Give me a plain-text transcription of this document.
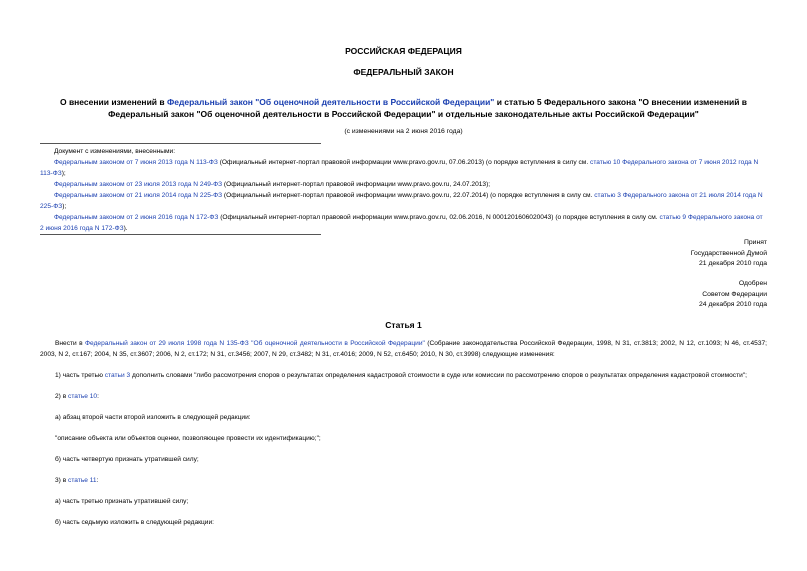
РОССИЙСКАЯ ФЕДЕРАЦИЯ
ФЕДЕРАЛЬНЫЙ ЗАКОН
О внесении изменений в Федеральный закон "Об оценочной деятельности в Российской Федерации" и статью 5 Федерального закона "О внесении изменений в Федеральный закон "Об оценочной деятельности в Российской Федерации" и отдельные законодательные акты Российской Федерации"
(с изменениями на 2 июня 2016 года)

Документ с изменениями, внесенными:

Федеральным законом от 7 июня 2013 года N 113-ФЗ (Официальный интернет-портал правовой информации www.pravo.gov.ru, 07.06.2013) (о порядке вступления в силу см. статью 10 Федерального закона от 7 июня 2012 года N 113-ФЗ);

Федеральным законом от 23 июля 2013 года N 249-ФЗ (Официальный интернет-портал правовой информации www.pravo.gov.ru, 24.07.2013);

Федеральным законом от 21 июля 2014 года N 225-ФЗ (Официальный интернет-портал правовой информации www.pravo.gov.ru, 22.07.2014) (о порядке вступления в силу см. статью 3 Федерального закона от 21 июля 2014 года N 225-ФЗ);

Федеральным законом от 2 июня 2016 года N 172-ФЗ (Официальный интернет-портал правовой информации www.pravo.gov.ru, 02.06.2016, N 0001201606020043) (о порядке вступления в силу см. статью 9 Федерального закона от 2 июня 2016 года N 172-ФЗ).

Принят
Государственной Думой
21 декабря 2010 года
Одобрен
Советом Федерации
24 декабря 2010 года
Статья 1

Внести в Федеральный закон от 29 июля 1998 года N 135-ФЗ "Об оценочной деятельности в Российской Федерации" (Собрание законодательства Российской Федерации, 1998, N 31, ст.3813; 2002, N 12, ст.1093; N 46, ст.4537; 2003, N 2, ст.167; 2004, N 35, ст.3607; 2006, N 2, ст.172; N 31, ст.3456; 2007, N 29, ст.3482; N 31, ст.4016; 2009, N 52, ст.6450; 2010, N 30, ст.3998) следующие изменения:

1) часть третью статьи 3 дополнить словами "либо рассмотрения споров о результатах определения кадастровой стоимости в суде или комиссии по рассмотрению споров о результатах определения кадастровой стоимости";

2) в статье 10:

а) абзац второй части второй изложить в следующей редакции:

"описание объекта или объектов оценки, позволяющее провести их идентификацию;";

б) часть четвертую признать утратившей силу;

3) в статье 11:

а) часть третью признать утратившей силу;

б) часть седьмую изложить в следующей редакции:
